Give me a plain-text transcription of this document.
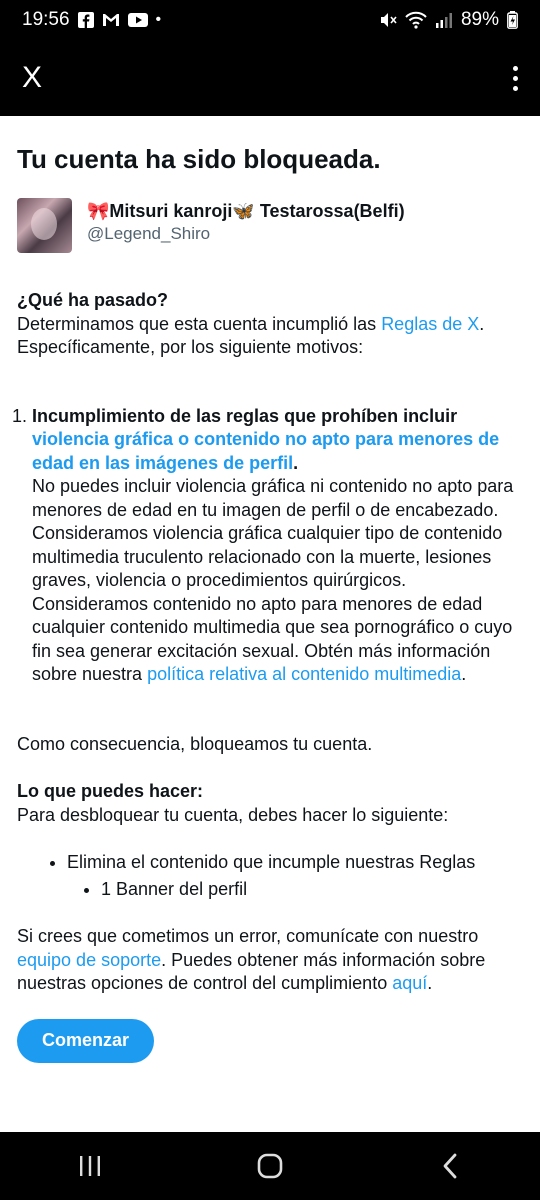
19:56	•	89%
X
Tu cuenta ha sido bloqueada.
🎀Mitsuri kanroji🦋 Testarossa(Belfi)
@Legend_Shiro
¿Qué ha pasado?

Determinamos que esta cuenta incumplió las Reglas de X. Específicamente, por los siguiente motivos:

1. Incumplimiento de las reglas que prohíben incluir violencia gráfica o contenido no apto para menores de edad en las imágenes de perfil.
No puedes incluir violencia gráfica ni contenido no apto para menores de edad en tu imagen de perfil o de encabezado. Consideramos violencia gráfica cualquier tipo de contenido multimedia truculento relacionado con la muerte, lesiones graves, violencia o procedimientos quirúrgicos. Consideramos contenido no apto para menores de edad cualquier contenido multimedia que sea pornográfico o cuyo fin sea generar excitación sexual. Obtén más información sobre nuestra política relativa al contenido multimedia.

Como consecuencia, bloqueamos tu cuenta.

Lo que puedes hacer:

Para desbloquear tu cuenta, debes hacer lo siguiente:

• Elimina el contenido que incumple nuestras Reglas
• 1 Banner del perfil

Si crees que cometimos un error, comunícate con nuestro equipo de soporte. Puedes obtener más información sobre nuestras opciones de control del cumplimiento aquí.

Comenzar
